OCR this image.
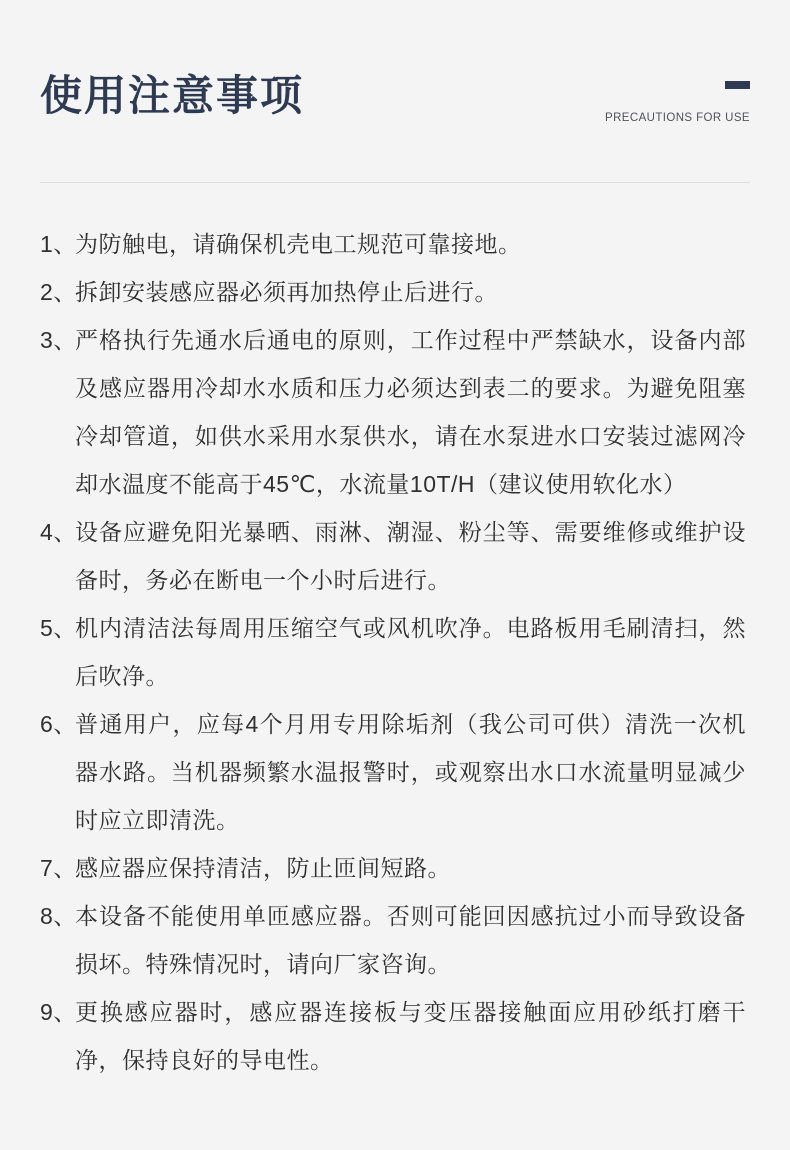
使用注意事项	PRECAUTIONS FOR USE
1、
为防触电，请确保机壳电工规范可靠接地。
2、
拆卸安装感应器必须再加热停止后进行。
3、
严格执行先通水后通电的原则，工作过程中严禁缺水，设备内部及感应器用冷却水水质和压力必须达到表二的要求。为避免阻塞冷却管道，如供水采用水泵供水，请在水泵进水口安装过滤网冷却水温度不能高于45℃，水流量10T/H（建议使用软化水）
4、
设备应避免阳光暴晒、雨淋、潮湿、粉尘等、需要维修或维护设备时，务必在断电一个小时后进行。
5、
机内清洁法每周用压缩空气或风机吹净。电路板用毛刷清扫，然后吹净。
6、
普通用户，应每4个月用专用除垢剂（我公司可供）清洗一次机器水路。当机器频繁水温报警时，或观察出水口水流量明显减少时应立即清洗。
7、
感应器应保持清洁，防止匝间短路。
8、
本设备不能使用单匝感应器。否则可能回因感抗过小而导致设备损坏。特殊情况时，请向厂家咨询。
9、
更换感应器时，感应器连接板与变压器接触面应用砂纸打磨干净，保持良好的导电性。
